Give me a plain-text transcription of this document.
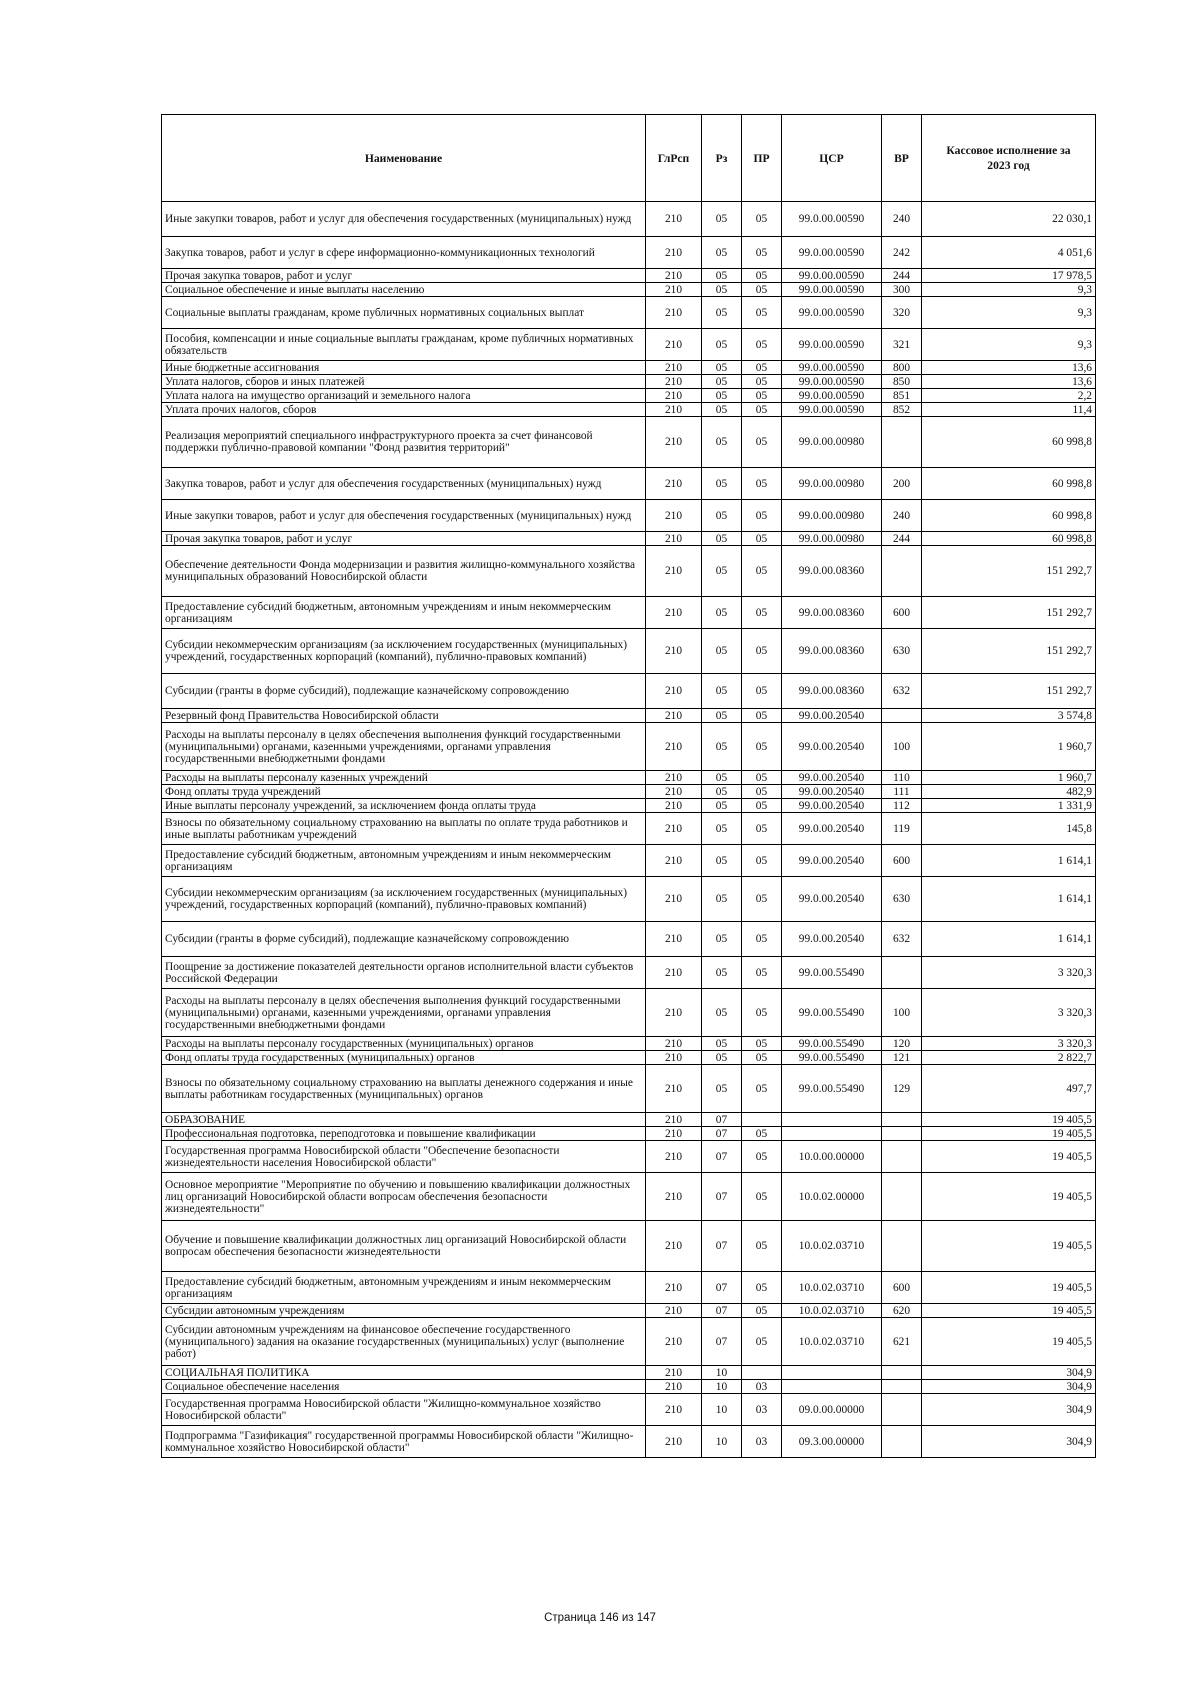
Наименование	ГлРсп	Рз	ПР	ЦСР	ВР	Кассовое исполнение за 2023 год
Иные закупки товаров, работ и услуг для обеспечения государственных (муниципальных) нужд	210	05	05	99.0.00.00590	240	22 030,1
Закупка товаров, работ и услуг в сфере информационно-коммуникационных технологий	210	05	05	99.0.00.00590	242	4 051,6
Прочая закупка товаров, работ и услуг	210	05	05	99.0.00.00590	244	17 978,5
Социальное обеспечение и иные выплаты населению	210	05	05	99.0.00.00590	300	9,3
Социальные выплаты гражданам, кроме публичных нормативных социальных выплат	210	05	05	99.0.00.00590	320	9,3
Пособия, компенсации и иные социальные выплаты гражданам, кроме публичных нормативных обязательств	210	05	05	99.0.00.00590	321	9,3
Иные бюджетные ассигнования	210	05	05	99.0.00.00590	800	13,6
Уплата налогов, сборов и иных платежей	210	05	05	99.0.00.00590	850	13,6
Уплата налога на имущество организаций и земельного налога	210	05	05	99.0.00.00590	851	2,2
Уплата прочих налогов, сборов	210	05	05	99.0.00.00590	852	11,4
Реализация мероприятий специального инфраструктурного проекта за счет финансовой поддержки публично-правовой компании "Фонд развития территорий"	210	05	05	99.0.00.00980		60 998,8
Закупка товаров, работ и услуг для обеспечения государственных (муниципальных) нужд	210	05	05	99.0.00.00980	200	60 998,8
Иные закупки товаров, работ и услуг для обеспечения государственных (муниципальных) нужд	210	05	05	99.0.00.00980	240	60 998,8
Прочая закупка товаров, работ и услуг	210	05	05	99.0.00.00980	244	60 998,8
Обеспечение деятельности Фонда модернизации и развития жилищно-коммунального хозяйства муниципальных образований Новосибирской области	210	05	05	99.0.00.08360		151 292,7
Предоставление субсидий бюджетным, автономным учреждениям и иным некоммерческим организациям	210	05	05	99.0.00.08360	600	151 292,7
Субсидии некоммерческим организациям (за исключением государственных (муниципальных) учреждений, государственных корпораций (компаний), публично-правовых компаний)	210	05	05	99.0.00.08360	630	151 292,7
Субсидии (гранты в форме субсидий), подлежащие казначейскому сопровождению	210	05	05	99.0.00.08360	632	151 292,7
Резервный фонд Правительства Новосибирской области	210	05	05	99.0.00.20540		3 574,8
Расходы на выплаты персоналу в целях обеспечения выполнения функций государственными (муниципальными) органами, казенными учреждениями, органами управления государственными внебюджетными фондами	210	05	05	99.0.00.20540	100	1 960,7
Расходы на выплаты персоналу казенных учреждений	210	05	05	99.0.00.20540	110	1 960,7
Фонд оплаты труда учреждений	210	05	05	99.0.00.20540	111	482,9
Иные выплаты персоналу учреждений, за исключением фонда оплаты труда	210	05	05	99.0.00.20540	112	1 331,9
Взносы по обязательному социальному страхованию на выплаты по оплате труда работников и иные выплаты работникам учреждений	210	05	05	99.0.00.20540	119	145,8
Предоставление субсидий бюджетным, автономным учреждениям и иным некоммерческим организациям	210	05	05	99.0.00.20540	600	1 614,1
Субсидии некоммерческим организациям (за исключением государственных (муниципальных) учреждений, государственных корпораций (компаний), публично-правовых компаний)	210	05	05	99.0.00.20540	630	1 614,1
Субсидии (гранты в форме субсидий), подлежащие казначейскому сопровождению	210	05	05	99.0.00.20540	632	1 614,1
Поощрение за достижение показателей деятельности органов исполнительной власти субъектов Российской Федерации	210	05	05	99.0.00.55490		3 320,3
Расходы на выплаты персоналу в целях обеспечения выполнения функций государственными (муниципальными) органами, казенными учреждениями, органами управления государственными внебюджетными фондами	210	05	05	99.0.00.55490	100	3 320,3
Расходы на выплаты персоналу государственных (муниципальных) органов	210	05	05	99.0.00.55490	120	3 320,3
Фонд оплаты труда государственных (муниципальных) органов	210	05	05	99.0.00.55490	121	2 822,7
Взносы по обязательному социальному страхованию на выплаты денежного содержания и иные выплаты работникам государственных (муниципальных) органов	210	05	05	99.0.00.55490	129	497,7
ОБРАЗОВАНИЕ	210	07				19 405,5
Профессиональная подготовка, переподготовка и повышение квалификации	210	07	05			19 405,5
Государственная программа Новосибирской области "Обеспечение безопасности жизнедеятельности населения Новосибирской области"	210	07	05	10.0.00.00000		19 405,5
Основное мероприятие "Мероприятие по обучению и повышению квалификации должностных лиц организаций Новосибирской области вопросам обеспечения безопасности жизнедеятельности"	210	07	05	10.0.02.00000		19 405,5
Обучение и повышение квалификации должностных лиц организаций Новосибирской области вопросам обеспечения безопасности жизнедеятельности	210	07	05	10.0.02.03710		19 405,5
Предоставление субсидий бюджетным, автономным учреждениям и иным некоммерческим организациям	210	07	05	10.0.02.03710	600	19 405,5
Субсидии автономным учреждениям	210	07	05	10.0.02.03710	620	19 405,5
Субсидии автономным учреждениям на финансовое обеспечение государственного (муниципального) задания на оказание государственных (муниципальных) услуг (выполнение работ)	210	07	05	10.0.02.03710	621	19 405,5
СОЦИАЛЬНАЯ ПОЛИТИКА	210	10				304,9
Социальное обеспечение населения	210	10	03			304,9
Государственная программа Новосибирской области "Жилищно-коммунальное хозяйство Новосибирской области"	210	10	03	09.0.00.00000		304,9
Подпрограмма "Газификация" государственной программы Новосибирской области "Жилищно-коммунальное хозяйство Новосибирской области"	210	10	03	09.3.00.00000		304,9
Страница 146 из 147
